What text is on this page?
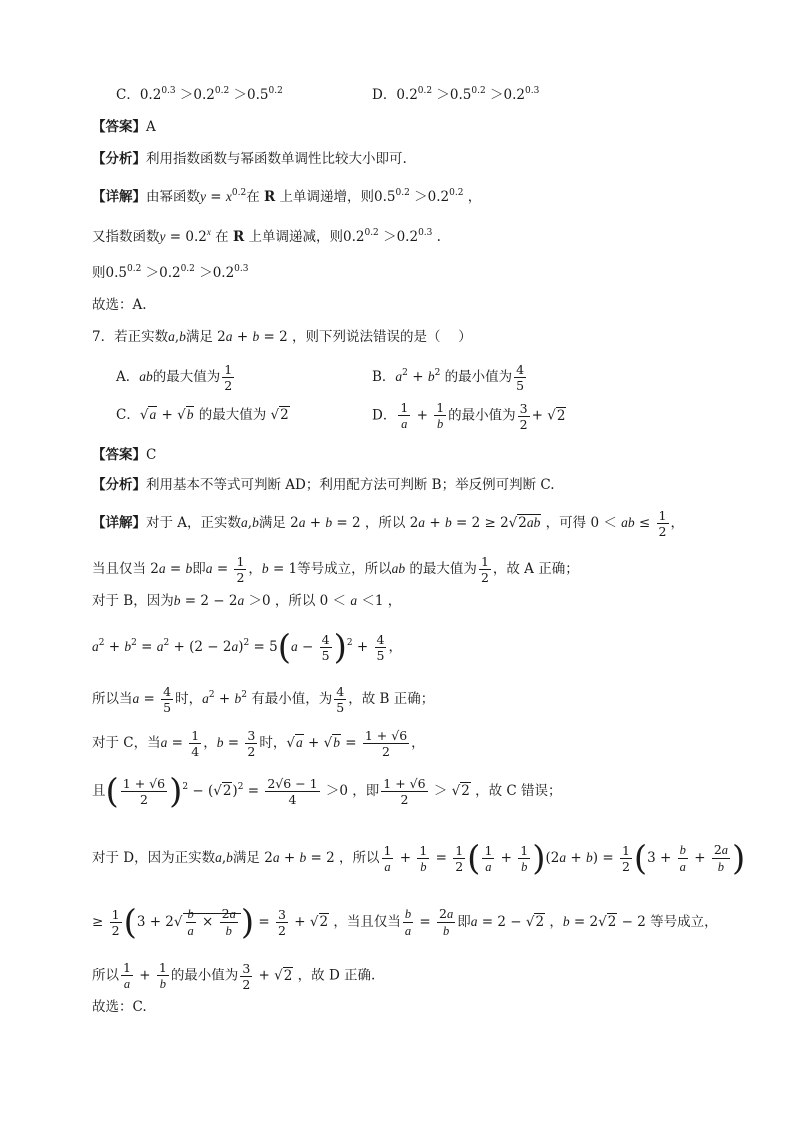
C．$0.2^{0.3} >0.2^{0.2} >0.5^{0.2}$	D．$0.2^{0.2} >0.5^{0.2} >0.2^{0.3}$
【答案】A
【分析】利用指数函数与幂函数单调性比较大小即可.
【详解】由幂函数$y = x^{0.2}$在 R 上单调递增，则$0.5^{0.2} >0.2^{0.2}$ ，
又指数函数$y = 0.2^x$ 在 R 上单调递减，则$0.2^{0.2} >0.2^{0.3}$ .
则$0.5^{0.2} >0.2^{0.2} >0.2^{0.3}$
故选：A.
7．若正实数a,b满足 2a + b = 2 ，则下列说法错误的是（　 ）
A．ab的最大值为 $\frac{1}{2}$	B．$a^2 + b^2$ 的最小值为 $\frac{4}{5}$
C．√a + √b 的最大值为 √2	D． $\frac{1}{a} + \frac{1}{b}$ 的最小值为 $\frac{3}{2} + √2$
【答案】C
【分析】利用基本不等式可判断 AD；利用配方法可判断 B；举反例可判断 C.
【详解】对于 A，正实数a,b满足 2a + b = 2 ，所以 2a + b = 2 ≥ 2√2ab ，可得 0 ＜ ab ≤ $\frac{1}{2}$ ，
当且仅当 2a = b即$a = \frac{1}{2}$ ，b = 1等号成立，所以ab 的最大值为 $\frac{1}{2}$ ，故 A 正确；
对于 B，因为b = 2 − 2a ＞0 ，所以 0 ＜ a ＜1 ，
$a^2 + b^2 = a^2 + (2 - 2a)^2 = 5(a - \frac{4}{5} )^2 + \frac{4}{5}$ ，
所以当$a = \frac{4}{5}$ 时，$a^2 + b^2$ 有最小值，为 $\frac{4}{5}$ ，故 B 正确；
对于 C，当$a = \frac{1}{4}$ ，$b = \frac{3}{2}$ 时，$√a + √b = \frac{1 + √6}{2}$ ，
且( $\frac{1 + √6}{2} )^2 - (√2)^2 = \frac{2√6 - 1}{4} >0$ ，即 $\frac{1 + √6}{2} > √2$ ，故 C 错误；
对于 D，因为正实数a,b满足 2a + b = 2 ，所以 $\frac{1}{a} + \frac{1}{b} = \frac{1}{2}$ ( $\frac{1}{a} + \frac{1}{b} )(2a + b) = \frac{1}{2} (3 + \frac{b}{a} + \frac{2a}{b}$ )
≥ $\frac{1}{2} (3 + 2√ \frac{b}{a} \times \frac{2a}{b}$ ) = $\frac{3}{2} + √2$ ，当且仅当 $\frac{b}{a} = \frac{2a}{b}$ 即a = 2 − √2 ，b = 2√2 − 2 等号成立，
所以 $\frac{1}{a} + \frac{1}{b}$ 的最小值为 $\frac{3}{2} + √2$ ，故 D 正确.
故选：C.
